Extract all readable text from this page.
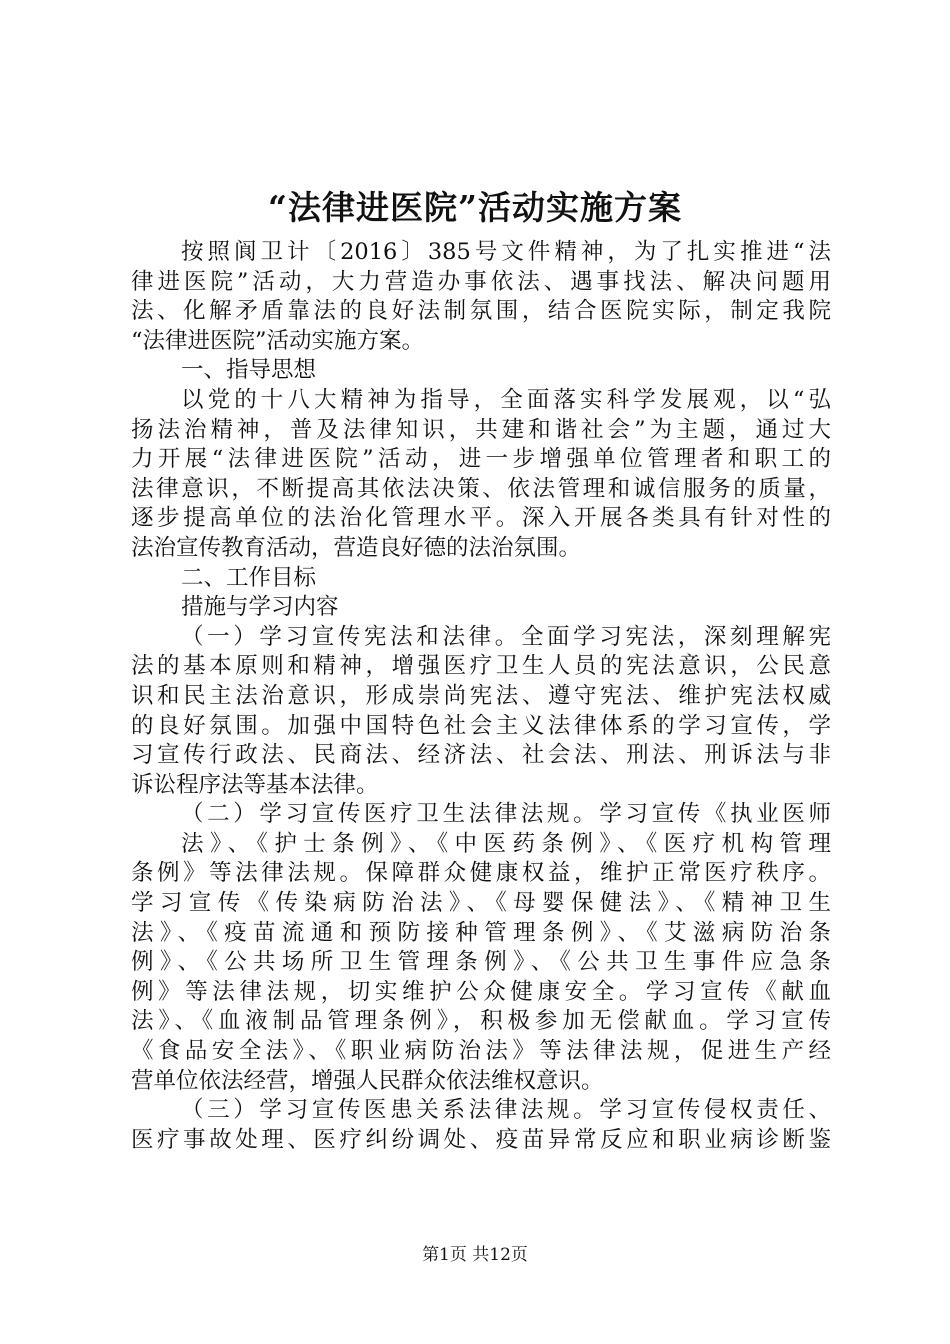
“法律进医院”活动实施方案
按照阆卫计〔2016〕385号文件精神，为了扎实推进“法
律进医院”活动，大力营造办事依法、遇事找法、解决问题用
法、化解矛盾靠法的良好法制氛围，结合医院实际，制定我院
“法律进医院”活动实施方案。
一、指导思想
以党的十八大精神为指导，全面落实科学发展观，以“弘
扬法治精神，普及法律知识，共建和谐社会”为主题，通过大
力开展“法律进医院”活动，进一步增强单位管理者和职工的
法律意识，不断提高其依法决策、依法管理和诚信服务的质量，
逐步提高单位的法治化管理水平。深入开展各类具有针对性的
法治宣传教育活动，营造良好德的法治氛围。
二、工作目标
措施与学习内容
（一）学习宣传宪法和法律。全面学习宪法，深刻理解宪
法的基本原则和精神，增强医疗卫生人员的宪法意识，公民意
识和民主法治意识，形成崇尚宪法、遵守宪法、维护宪法权威
的良好氛围。加强中国特色社会主义法律体系的学习宣传，学
习宣传行政法、民商法、经济法、社会法、刑法、刑诉法与非
诉讼程序法等基本法律。
（二）学习宣传医疗卫生法律法规。学习宣传《执业医师
法》、《护士条例》、《中医药条例》、《医疗机构管理
条例》等法律法规。保障群众健康权益，维护正常医疗秩序。
学习宣传《传染病防治法》、《母婴保健法》、《精神卫生
法》、《疫苗流通和预防接种管理条例》、《艾滋病防治条
例》、《公共场所卫生管理条例》、《公共卫生事件应急条
例》等法律法规，切实维护公众健康安全。学习宣传《献血
法》、《血液制品管理条例》，积极参加无偿献血。学习宣传
《食品安全法》、《职业病防治法》等法律法规，促进生产经
营单位依法经营，增强人民群众依法维权意识。
（三）学习宣传医患关系法律法规。学习宣传侵权责任、
医疗事故处理、医疗纠纷调处、疫苗异常反应和职业病诊断鉴
第1页 共12页
